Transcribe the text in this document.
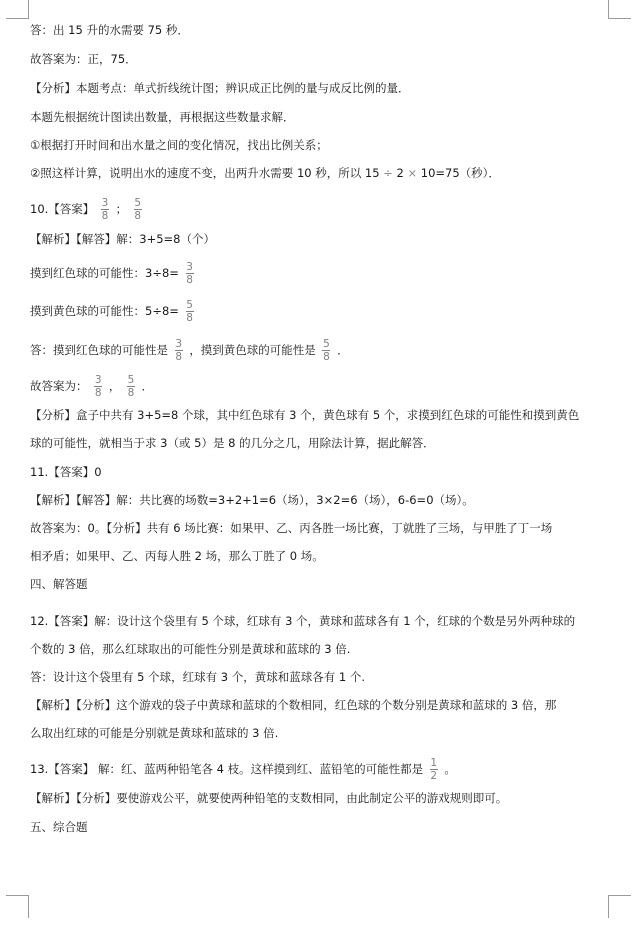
答：出 15 升的水需要 75 秒．
故答案为：正，75．
【分析】本题考点：单式折线统计图；辨识成正比例的量与成反比例的量．
本题先根据统计图读出数量，再根据这些数量求解．
①根据打开时间和出水量之间的变化情况，找出比例关系；
②照这样计算，说明出水的速度不变，出两升水需要 10 秒，所以 15 ÷ 2 × 10=75（秒）．
10.【答案】 $\frac{3}{8}$ ； $\frac{5}{8}$
【解析】【解答】解：3+5=8（个）
摸到红色球的可能性：$3\div 8= \frac{3}{8}$
摸到黄色球的可能性：$5\div 8= \frac{5}{8}$
答：摸到红色球的可能性是 $\frac{3}{8}$ ，摸到黄色球的可能性是 $\frac{5}{8}$ ．
故答案为： $\frac{3}{8}$ ， $\frac{5}{8}$ ．
【分析】盒子中共有 3+5=8 个球，其中红色球有 3 个，黄色球有 5 个，求摸到红色球的可能性和摸到黄色
球的可能性，就相当于求 3（或 5）是 8 的几分之几，用除法计算，据此解答．
11.【答案】0
【解析】【解答】解：共比赛的场数=3+2+1=6（场），3×2=6（场），6-6=0（场）。
故答案为：0。【分析】共有 6 场比赛：如果甲、乙、丙各胜一场比赛，丁就胜了三场，与甲胜了丁一场
相矛盾；如果甲、乙、丙每人胜 2 场，那么丁胜了 0 场。
四、解答题
12.【答案】解：设计这个袋里有 5 个球，红球有 3 个，黄球和蓝球各有 1 个，红球的个数是另外两种球的
个数的 3 倍，那么红球取出的可能性分别是黄球和蓝球的 3 倍.
答：设计这个袋里有 5 个球，红球有 3 个，黄球和蓝球各有 1 个.
【解析】【分析】这个游戏的袋子中黄球和蓝球的个数相同，红色球的个数分别是黄球和蓝球的 3 倍，那
么取出红球的可能是分别就是黄球和蓝球的 3 倍.
13.【答案】 解：红、蓝两种铅笔各 4 枝。这样摸到红、蓝铅笔的可能性都是 $\frac{1}{2}$ 。
【解析】【分析】要使游戏公平，就要使两种铅笔的支数相同，由此制定公平的游戏规则即可。
五、综合题
